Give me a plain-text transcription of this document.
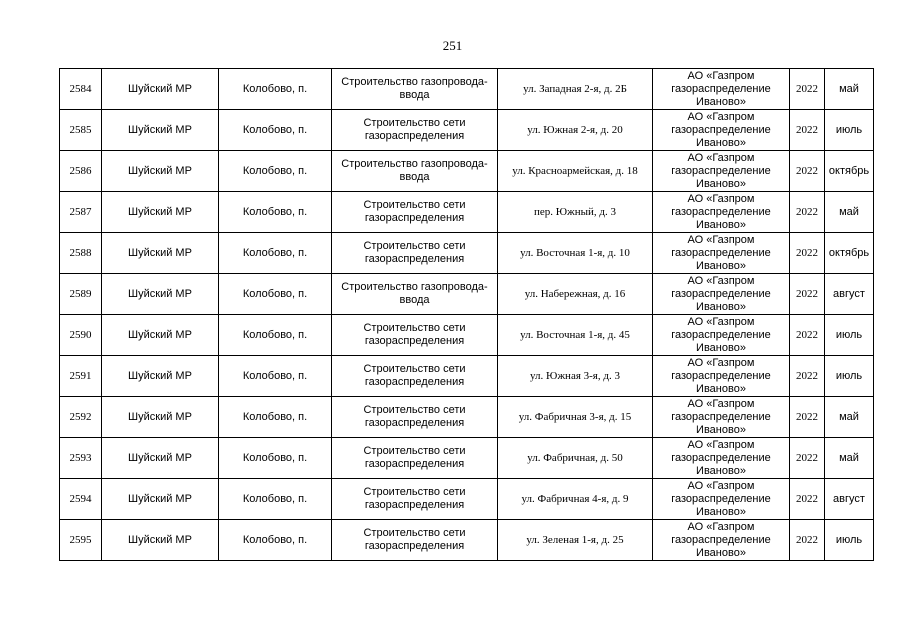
251
2584	Шуйский МР	Колобово, п.	Строительство газопровода-ввода	ул. Западная 2-я, д. 2Б	АО «Газпром
газораспределение
Иваново»	2022	май
2585	Шуйский МР	Колобово, п.	Строительство сети газораспределения	ул. Южная 2-я, д. 20	АО «Газпром
газораспределение
Иваново»	2022	июль
2586	Шуйский МР	Колобово, п.	Строительство газопровода-ввода	ул. Красноармейская, д. 18	АО «Газпром
газораспределение
Иваново»	2022	октябрь
2587	Шуйский МР	Колобово, п.	Строительство сети газораспределения	пер. Южный, д. 3	АО «Газпром
газораспределение
Иваново»	2022	май
2588	Шуйский МР	Колобово, п.	Строительство сети газораспределения	ул. Восточная 1-я, д. 10	АО «Газпром
газораспределение
Иваново»	2022	октябрь
2589	Шуйский МР	Колобово, п.	Строительство газопровода-ввода	ул. Набережная, д. 16	АО «Газпром
газораспределение
Иваново»	2022	август
2590	Шуйский МР	Колобово, п.	Строительство сети газораспределения	ул. Восточная 1-я, д. 45	АО «Газпром
газораспределение
Иваново»	2022	июль
2591	Шуйский МР	Колобово, п.	Строительство сети газораспределения	ул. Южная 3-я, д. 3	АО «Газпром
газораспределение
Иваново»	2022	июль
2592	Шуйский МР	Колобово, п.	Строительство сети газораспределения	ул. Фабричная 3-я, д. 15	АО «Газпром
газораспределение
Иваново»	2022	май
2593	Шуйский МР	Колобово, п.	Строительство сети газораспределения	ул. Фабричная, д. 50	АО «Газпром
газораспределение
Иваново»	2022	май
2594	Шуйский МР	Колобово, п.	Строительство сети газораспределения	ул. Фабричная 4-я, д. 9	АО «Газпром
газораспределение
Иваново»	2022	август
2595	Шуйский МР	Колобово, п.	Строительство сети газораспределения	ул. Зеленая 1-я, д. 25	АО «Газпром
газораспределение
Иваново»	2022	июль
